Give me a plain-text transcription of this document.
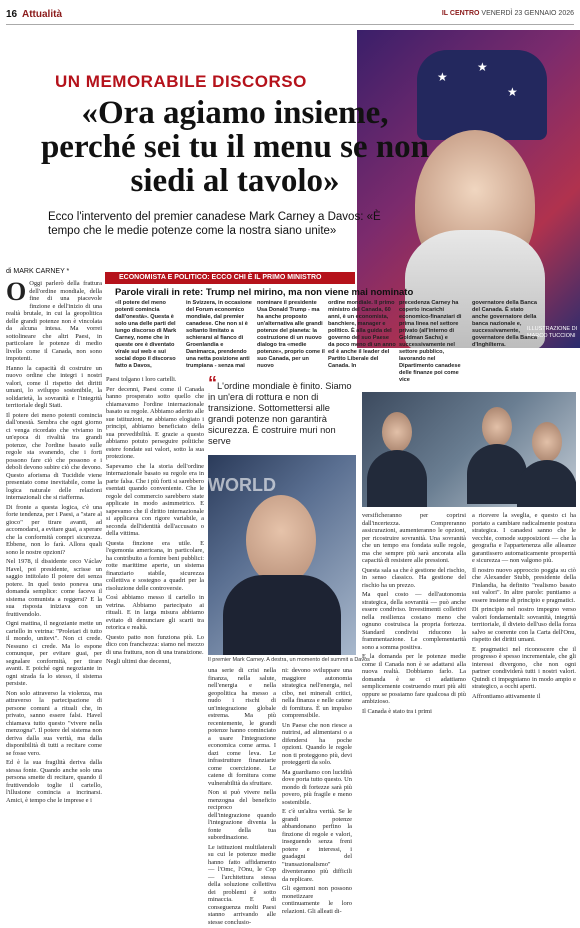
16 Attualità	IL CENTRO VENERDÌ 23 GENNAIO 2026
★
★
★
ILLUSTRAZIONE DI MARCO TUCCIONI
UN MEMORABILE DISCORSO
«Ora agiamo insieme, perché sei tu il menu se non siedi al tavolo»
Ecco l'intervento del premier canadese Mark Carney a Davos: «È tempo che le medie potenze come la nostra siano unite»
di MARK CARNEY *
ECONOMISTA E POLITICO: ECCO CHI È IL PRIMO MINISTRO
Parole virali in rete: Trump nel mirino, ma non viene mai nominato
«Il potere del meno potenti comincia dall'onestà». Questa è solo una delle parti del lungo discorso di Mark Carney, nome che in queste ore è diventato virale sul web e sui social dopo il discorso fatto a Davos,
in Svizzera, in occasione del Forum economico mondiale, dal premier canadese. Che non si è soltanto limitato a schierarsi al fianco di Groenlandia e Danimarca, prendendo una netta posizione anti trumpiana - senza mai
nominare il presidente Usa Donald Trump - ma ha anche proposto un'alternativa alle grandi potenze del pianeta: la costruzione di un nuovo dialogo tra «medie potenze», proprio come il suo Canada, per un nuovo
ordine mondiale. Il primo ministro del Canada, 60 anni, è un economista, banchiere, manager e politico. È alla guida del governo del suo Paese da poco meno di un anno ed è anche il leader del Partito Liberale del Canada. In
precedenza Carney ha coperto incarichi economico-finanziari di prima linea nel settore privato (all'interno di Goldman Sachs) e successivamente nel settore pubblico, lavorando nel Dipartimento canadese delle finanze poi come vice
governatore della Banca del Canada. È stato anche governatore della banca nazionale e, successivamente, governatore della Banca d'Inghilterra.

O Oggi parlerò della frattura dell'ordine mondiale, della fine di una piacevole finzione e dell'inizio di una realtà brutale, in cui la geopolitica delle grandi potenze non è vincolata da alcuna intesa. Ma vorrei sottolineare che altri Paesi, in particolare le potenze di medio livello come il Canada, non sono impotenti.

Hanno la capacità di costruire un nuovo ordine che integri i nostri valori, come il rispetto dei diritti umani, lo sviluppo sostenibile, la solidarietà, la sovranità e l'integrità territoriale degli Stati.

Il potere dei meno potenti comincia dall'onestà. Sembra che ogni giorno ci venga ricordato che viviamo in un'epoca di rivalità tra grandi potenze, che l'ordine basato sulle regole sta svanendo, che i forti possono fare ciò che possono e i deboli devono subire ciò che devono. Questo aforisma di Tucidide viene presentato come inevitabile, come la logica naturale delle relazioni internazionali che si riafferma.

Di fronte a questa logica, c'è una forte tendenza, per i Paesi, a "stare al gioco" per tirare avanti, ad accomodarsi, a evitare guai, a sperare che la conformità compri sicurezza. Ebbene, non lo farà. Allora quali sono le nostre opzioni?

Nel 1978, il dissidente ceco Václav Havel, poi presidente, scrisse un saggio intitolato Il potere dei senza potere. In quel testo poneva una domanda semplice: come faceva il sistema comunista a reggersi? E la sua risposta iniziava con un fruttivendolo.

Ogni mattina, il negoziante mette un cartello in vetrina: "Proletari di tutto il mondo, unitevi". Non ci crede. Nessuno ci crede. Ma lo espone comunque, per evitare guai, per segnalare conformità, per tirare avanti. E poiché ogni negoziante in ogni strada fa lo stesso, il sistema persiste.

Non solo attraverso la violenza, ma attraverso la partecipazione di persone comuni a rituali che, in privato, sanno essere falsi. Havel chiamava tutto questo "vivere nella menzogna". Il potere del sistema non deriva dalla sua verità, ma dalla disponibilità di tutti a recitare come se fosse vero.

Ed è la sua fragilità deriva dalla stessa fonte. Quando anche solo una persona smette di recitare, quando il fruttivendolo toglie il cartello, l'illusione comincia a incrinarsi. Amici, è tempo che le imprese e i

Paesi tolgano i loro cartelli.

Per decenni, Paesi come il Canada hanno prosperato sotto quello che chiamavamo l'ordine internazionale basato su regole. Abbiamo aderito alle sue istituzioni, ne abbiamo elogiato i principi, abbiamo beneficiato della sua prevedibilità. E grazie a questo abbiamo potuto perseguire politiche estere fondate sui valori, sotto la sua protezione.

Sapevamo che la storia dell'ordine internazionale basato su regole era in parte falsa. Che i più forti si sarebbero esentati quando conveniente. Che le regole del commercio sarebbero state applicate in modo asimmetrico. E sapevamo che il diritto internazionale si applicava con rigore variabile, a seconda dell'identità dell'accusato o della vittima.

Questa finzione era utile. E l'egemonia americana, in particolare, ha contribuito a fornire beni pubblici: rotte marittime aperte, un sistema finanziario stabile, sicurezza collettiva e sostegno a quadri per la risoluzione delle controversie.

Così abbiamo messo il cartello in vetrina. Abbiamo partecipato ai rituali. E in larga misura abbiamo evitato di denunciare gli scarti tra retorica e realtà.

Questo patto non funziona più. Lo dico con franchezza: siamo nel mezzo di una frattura, non di una transizione.

Negli ultimi due decenni,

“L'ordine mondiale è finito. Siamo in un'era di rottura e non di transizione. Sottomettersi alle grandi potenze non garantirà sicurezza. È costruire muri non serve
WORLD
Il premier Mark Carney. A destra, un momento del summit a Davos

una serie di crisi nella finanza, nella salute, nell'energia e nella geopolitica ha messo a nudo i rischi di un'integrazione globale estrema. Ma più recentemente, le grandi potenze hanno cominciato a usare l'integrazione economica come arma. I dazi come leva. Le infrastrutture finanziarie come coercizione. Le catene di fornitura come vulnerabilità da sfruttare.

Non si può vivere nella menzogna del beneficio reciproco dell'integrazione quando l'integrazione diventa la fonte della tua subordinazione.

Le istituzioni multilaterali su cui le potenze medie hanno fatto affidamento — l'Omc, l'Onu, le Cop — l'architettura stessa della soluzione collettiva dei problemi è sotto minaccia. E di conseguenza molti Paesi stanno arrivando alle stesse conclusio-

ni: devono sviluppare una maggiore autonomia strategica nell'energia, nel cibo, nei minerali critici, nella finanza e nelle catene di fornitura. È un impulso comprensibile.

Un Paese che non riesce a nutrirsi, ad alimentarsi o a difendersi ha poche opzioni. Quando le regole non ti proteggono più, devi proteggerti da solo.

Ma guardiamo con lucidità dove porta tutto questo. Un mondo di fortezze sarà più povero, più fragile e meno sostenibile.

E c'è un'altra verità. Se le grandi potenze abbandonano perfino la finzione di regole e valori, inseguendo senza freni potere e interessi, i guadagni del "transazionalismo" diventeranno più difficili da replicare.

Gli egemoni non possono monetizzare continuamente le loro relazioni. Gli alleati di-

versificheranno per coprirsi dall'incertezza. Compreranno assicurazioni, aumenteranno le opzioni, per ricostruire sovranità. Una sovranità che un tempo era fondata sulle regole, ma che sempre più sarà ancorata alla capacità di resistere alle pressioni.

Questa sala sa che è gestione del rischio, in senso classico. Ha gestione del rischio ha un prezzo.

Ma quel costo — dell'autonomia strategica, della sovranità — può anche essere condiviso. Investimenti collettivi nella resilienza costano meno che ognuno costruisca la propria fortezza. Standard condivisi riducono la frammentazione. Le complementarità sono a somma positiva.

E la domanda per le potenze medie come il Canada non è se adattarsi alla nuova realtà. Dobbiamo farlo. La domanda è se ci adattiamo semplicemente costruendo muri più alti oppure se possiamo fare qualcosa di più ambizioso.

Il Canada è stato tra i primi

a ricevere la sveglia, e questo ci ha portato a cambiare radicalmente postura strategica. I canadesi sanno che le vecchie, comode supposizioni — che la geografia e l'appartenenza alle alleanze garantissero automaticamente prosperità e sicurezza — non valgono più.

Il nostro nuovo approccio poggia su ciò che Alexander Stubb, presidente della Finlandia, ha definito "realismo basato sui valori". In altre parole: puntiamo a essere insieme di principio e pragmatici.

Di principio nel nostro impegno verso valori fondamentali: sovranità, integrità territoriale, il divieto dell'uso della forza salvo se coerente con la Carta dell'Onu, rispetto dei diritti umani.

E pragmatici nel riconoscere che il progresso è spesso incrementale, che gli interessi divergono, che non ogni partner condividerà tutti i nostri valori. Quindi ci impegniamo in modo ampio e strategico, a occhi aperti.

Affrontiamo attivamente il
